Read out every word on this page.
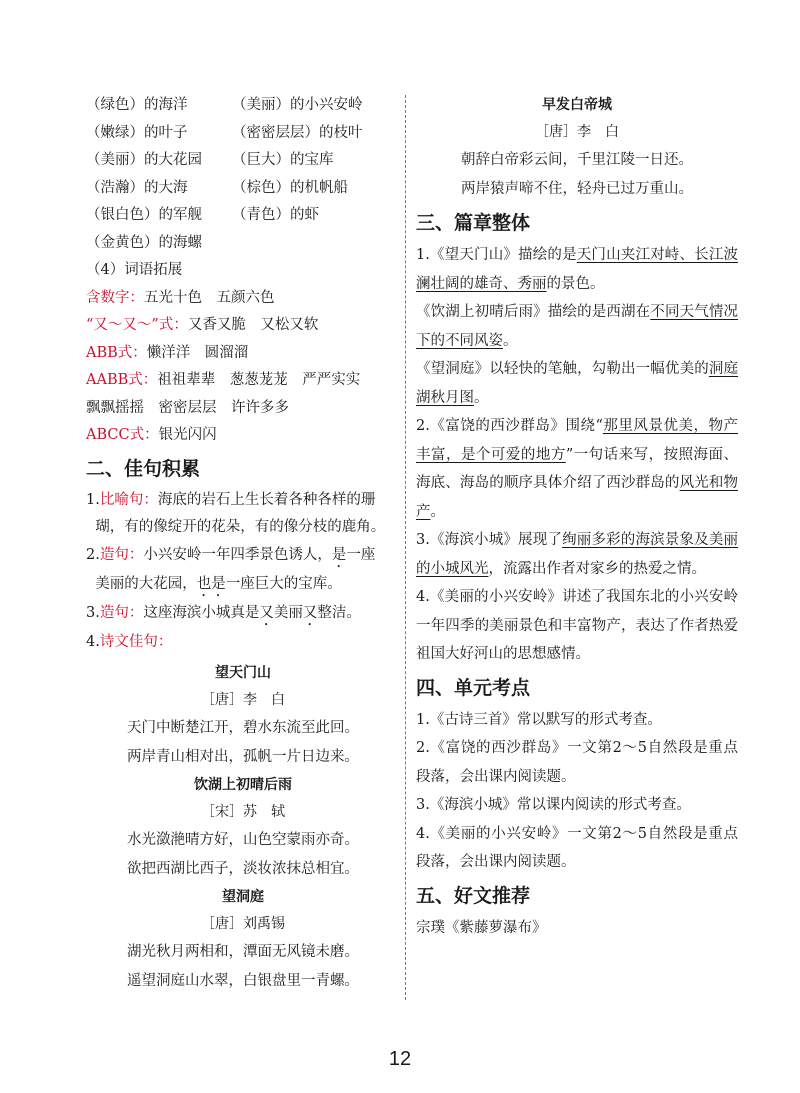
（绿色）的海洋	（美丽）的小兴安岭
（嫩绿）的叶子	（密密层层）的枝叶
（美丽）的大花园 （巨大）的宝库
（浩瀚）的大海	（棕色）的机帆船
（银白色）的军舰 （青色）的虾
（金黄色）的海螺
（4）词语拓展
含数字：五光十色　五颜六色
“又～又～”式：又香又脆　又松又软
ABB式：懒洋洋　圆溜溜
AABB式：祖祖辈辈　葱葱茏茏　严严实实
飘飘摇摇　密密层层　许许多多
ABCC式：银光闪闪
二、佳句积累
1.比喻句：海底的岩石上生长着各种各样的珊
瑚，有的像绽开的花朵，有的像分枝的鹿角。
2.造句：小兴安岭一年四季景色诱人，是一座
美丽的大花园，也是一座巨大的宝库。
3.造句：这座海滨小城真是又美丽又整洁。
4.诗文佳句：
望天门山
［唐］李　白
天门中断楚江开，碧水东流至此回。
两岸青山相对出，孤帆一片日边来。
饮湖上初晴后雨
［宋］苏　轼
水光潋滟晴方好，山色空蒙雨亦奇。
欲把西湖比西子，淡妆浓抹总相宜。
望洞庭
［唐］刘禹锡
湖光秋月两相和，潭面无风镜未磨。
遥望洞庭山水翠，白银盘里一青螺。
早发白帝城
［唐］李　白
朝辞白帝彩云间，千里江陵一日还。
两岸猿声啼不住，轻舟已过万重山。
三、篇章整体
1.《望天门山》描绘的是天门山夹江对峙、长江波澜壮阔的雄奇、秀丽的景色。
《饮湖上初晴后雨》描绘的是西湖在不同天气情况下的不同风姿。
《望洞庭》以轻快的笔触，勾勒出一幅优美的洞庭湖秋月图。
2.《富饶的西沙群岛》围绕“那里风景优美，物产丰富，是个可爱的地方”一句话来写，按照海面、海底、海岛的顺序具体介绍了西沙群岛的风光和物产。
3.《海滨小城》展现了绚丽多彩的海滨景象及美丽的小城风光，流露出作者对家乡的热爱之情。
4.《美丽的小兴安岭》讲述了我国东北的小兴安岭一年四季的美丽景色和丰富物产，表达了作者热爱祖国大好河山的思想感情。
四、单元考点
1.《古诗三首》常以默写的形式考查。
2.《富饶的西沙群岛》一文第2～5自然段是重点段落，会出课内阅读题。
3.《海滨小城》常以课内阅读的形式考查。
4.《美丽的小兴安岭》一文第2～5自然段是重点段落，会出课内阅读题。
五、好文推荐
宗璞《紫藤萝瀑布》
12
